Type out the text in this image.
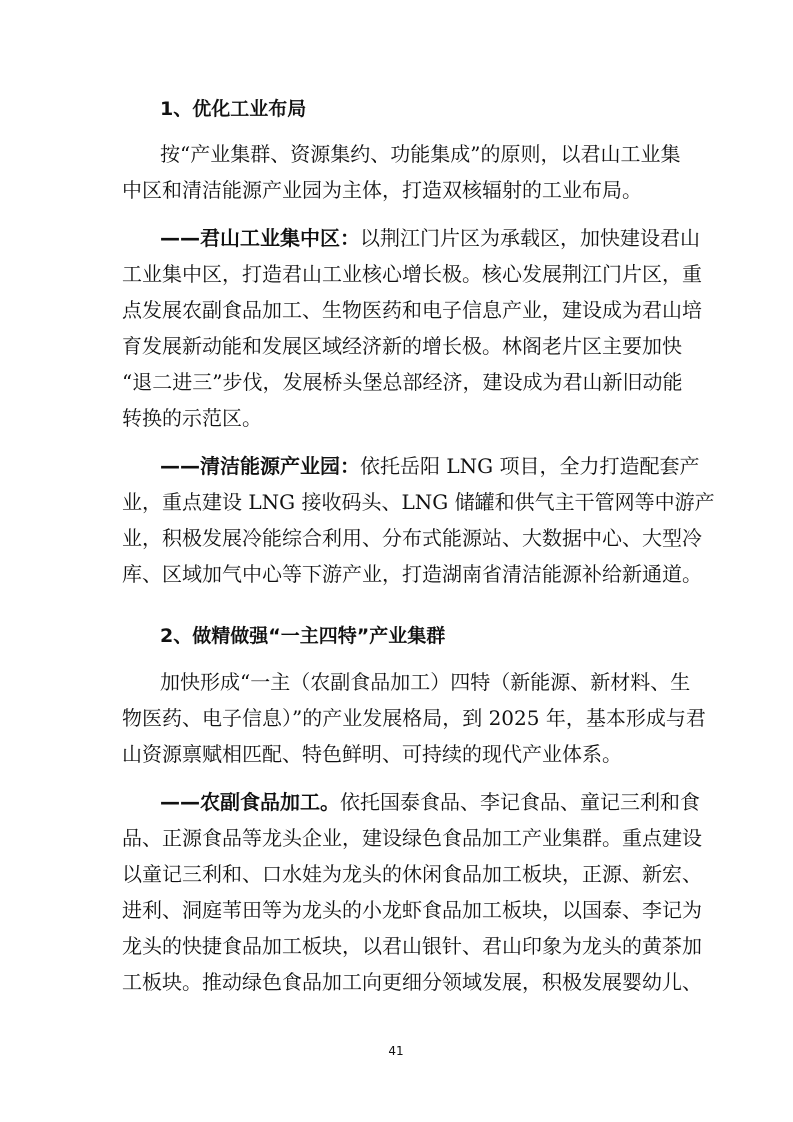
1、优化工业布局
按“产业集群、资源集约、功能集成”的原则，以君山工业集
中区和清洁能源产业园为主体，打造双核辐射的工业布局。
——君山工业集中区：以荆江门片区为承载区，加快建设君山
工业集中区，打造君山工业核心增长极。核心发展荆江门片区，重
点发展农副食品加工、生物医药和电子信息产业，建设成为君山培
育发展新动能和发展区域经济新的增长极。林阁老片区主要加快
“退二进三”步伐，发展桥头堡总部经济，建设成为君山新旧动能
转换的示范区。
——清洁能源产业园：依托岳阳 LNG 项目，全力打造配套产
业，重点建设 LNG 接收码头、LNG 储罐和供气主干管网等中游产
业，积极发展冷能综合利用、分布式能源站、大数据中心、大型冷
库、区域加气中心等下游产业，打造湖南省清洁能源补给新通道。
2、做精做强“一主四特”产业集群
加快形成“一主（农副食品加工）四特（新能源、新材料、生
物医药、电子信息）”的产业发展格局，到 2025 年，基本形成与君
山资源禀赋相匹配、特色鲜明、可持续的现代产业体系。
——农副食品加工。依托国泰食品、李记食品、童记三利和食
品、正源食品等龙头企业，建设绿色食品加工产业集群。重点建设
以童记三利和、口水娃为龙头的休闲食品加工板块，正源、新宏、
进利、洞庭苇田等为龙头的小龙虾食品加工板块，以国泰、李记为
龙头的快捷食品加工板块，以君山银针、君山印象为龙头的黄茶加
工板块。推动绿色食品加工向更细分领域发展，积极发展婴幼儿、
41
